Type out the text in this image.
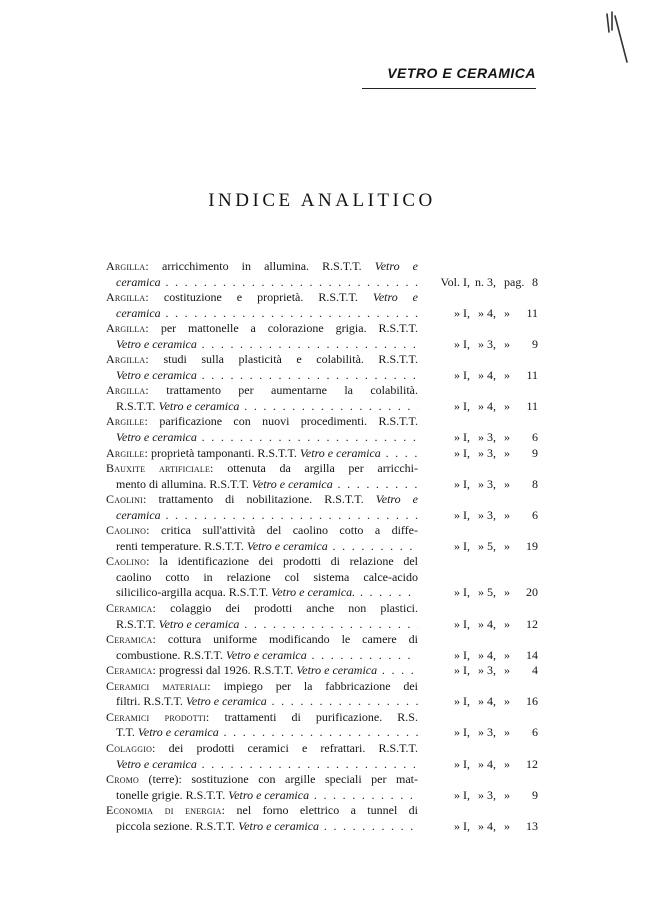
VETRO E CERAMICA
INDICE ANALITICO
Argilla: arricchimento in allumina. R.S.T.T. Vetro e
ceramica . . .	Vol. I, n. 3, pag. 8
Argilla: costituzione e proprietà. R.S.T.T. Vetro e
ceramica . . .	» I, » 4, » 11
Argilla: per mattonelle a colorazione grigia. R.S.T.T.
Vetro e ceramica . . .	» I, » 3, » 9
Argilla: studi sulla plasticità e colabilità. R.S.T.T.
Vetro e ceramica . . .	» I, » 4, » 11
Argilla: trattamento per aumentarne la colabilità.
R.S.T.T. Vetro e ceramica . . .	» I, » 4, » 11
Argille: parificazione con nuovi procedimenti. R.S.T.T.
Vetro e ceramica . . .	» I, » 3, » 6
Argille: proprietà tamponanti. R.S.T.T. Vetro e ceramica . . .	» I, » 3, » 9
Bauxite artificiale: ottenuta da argilla per arricchi-
mento di allumina. R.S.T.T. Vetro e ceramica . . .	» I, » 3, » 8
Caolini: trattamento di nobilitazione. R.S.T.T. Vetro e
ceramica . . .	» I, » 3, » 6
Caolino: critica sull'attività del caolino cotto a diffe-
renti temperature. R.S.T.T. Vetro e ceramica . . .	» I, » 5, » 19
Caolino: la identificazione dei prodotti di relazione del
caolino cotto in relazione col sistema calce-acido
silicilico-argilla acqua. R.S.T.T. Vetro e ceramica. . . .	» I, » 5, » 20
Ceramica: colaggio dei prodotti anche non plastici.
R.S.T.T. Vetro e ceramica . . .	» I, » 4, » 12
Ceramica: cottura uniforme modificando le camere di
combustione. R.S.T.T. Vetro e ceramica . . .	» I, » 4, » 14
Ceramica: progressi dal 1926. R.S.T.T. Vetro e ceramica . . .	» I, » 3, » 4
Ceramici materiali: impiego per la fabbricazione dei
filtri. R.S.T.T. Vetro e ceramica . . .	» I, » 4, » 16
Ceramici prodotti: trattamenti di purificazione. R.S.
T.T. Vetro e ceramica . . .	» I, » 3, » 6
Colaggio: dei prodotti ceramici e refrattari. R.S.T.T.
Vetro e ceramica . . .	» I, » 4, » 12
Cromo (terre): sostituzione con argille speciali per mat-
tonelle grigie. R.S.T.T. Vetro e ceramica . . .	» I, » 3, » 9
Economia di energia: nel forno elettrico a tunnel di
piccola sezione. R.S.T.T. Vetro e ceramica . . .	» I, » 4, » 13
